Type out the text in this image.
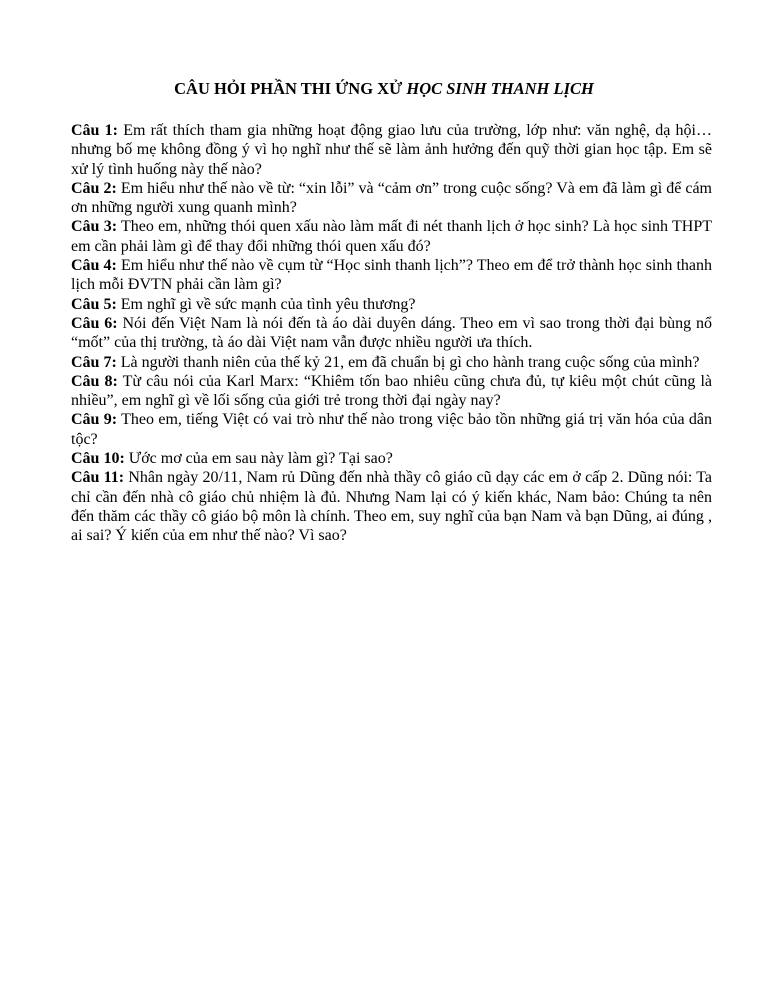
CÂU HỎI PHẦN THI ỨNG XỬ HỌC SINH THANH LỊCH

Câu 1: Em rất thích tham gia những hoạt động giao lưu của trường, lớp như: văn nghệ, dạ hội… nhưng bố mẹ không đồng ý vì họ nghĩ như thế sẽ làm ảnh hưởng đến quỹ thời gian học tập. Em sẽ xử lý tình huống này thế nào?

Câu 2: Em hiểu như thế nào về từ: “xin lỗi” và “cảm ơn” trong cuộc sống? Và em đã làm gì để cám ơn những người xung quanh mình?

Câu 3: Theo em, những thói quen xấu nào làm mất đi nét thanh lịch ở học sinh? Là học sinh THPT em cần phải làm gì để thay đổi những thói quen xấu đó?

Câu 4: Em hiểu như thế nào về cụm từ “Học sinh thanh lịch”? Theo em để trở thành học sinh thanh lịch mỗi ĐVTN phải cần làm gì?

Câu 5: Em nghĩ gì về sức mạnh của tình yêu thương?

Câu 6: Nói đến Việt Nam là nói đến tà áo dài duyên dáng. Theo em vì sao trong thời đại bùng nổ “mốt” của thị trường, tà áo dài Việt nam vẫn được nhiều người ưa thích.

Câu 7: Là người thanh niên của thế kỷ 21, em đã chuẩn bị gì cho hành trang cuộc sống của mình?

Câu 8: Từ câu nói của Karl Marx: “Khiêm tốn bao nhiêu cũng chưa đủ, tự kiêu một chút cũng là nhiều”, em nghĩ gì về lối sống của giới trẻ trong thời đại ngày nay?

Câu 9: Theo em, tiếng Việt có vai trò như thế nào trong việc bảo tồn những giá trị văn hóa của dân tộc?

Câu 10: Ước mơ của em sau này làm gì? Tại sao?

Câu 11: Nhân ngày 20/11, Nam rủ Dũng đến nhà thầy cô giáo cũ dạy các em ở cấp 2. Dũng nói: Ta chỉ cần đến nhà cô giáo chủ nhiệm là đủ. Nhưng Nam lại có ý kiến khác, Nam bảo: Chúng ta nên đến thăm các thầy cô giáo bộ môn là chính. Theo em, suy nghĩ của bạn Nam và bạn Dũng, ai đúng , ai sai? Ý kiến của em như thế nào? Vì sao?
